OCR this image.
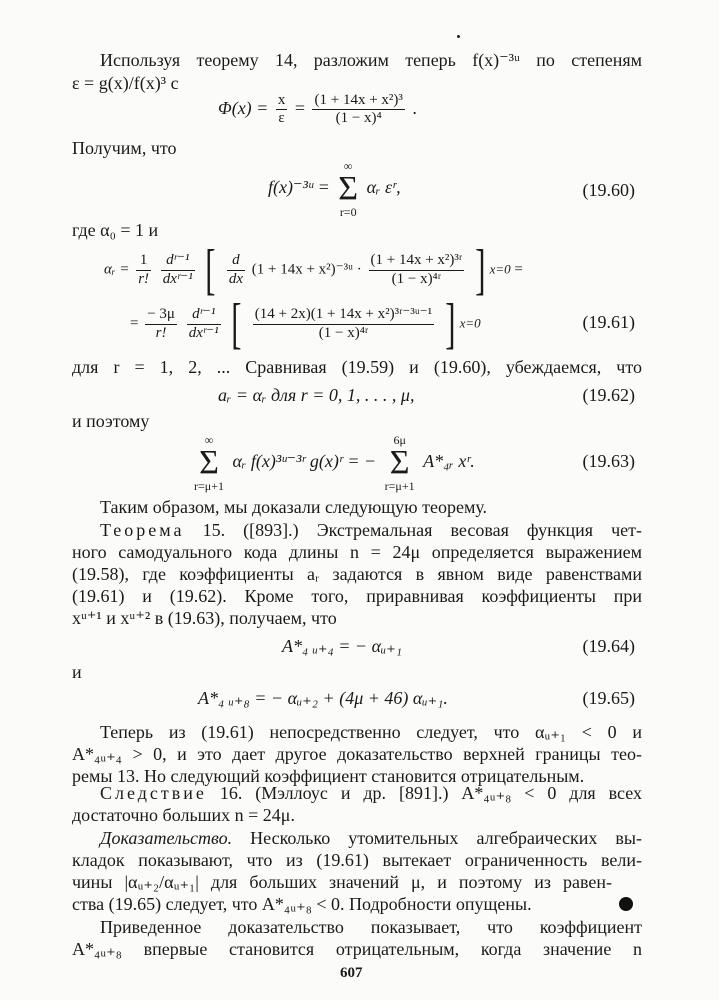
Используя теорему 14, разложим теперь f(x)⁻³ᵘ по степеням
ε = g(x)/f(x)³ с
$\Phi(x) = \frac{x}{\varepsilon} = \frac{\text{(1 + 14x + x²)³}}{\text{(1 − x)⁴}}$ .
Получим, что
f(x)⁻³ᵘ =
∞
Σ
r=0
αᵣ εʳ,	(19.60)
где α₀ = 1 и
αᵣ = $\frac{1}{r!}$
$\frac{\text{dʳ⁻¹}}{\text{dxʳ⁻¹}}$ [ $\frac{d}{dx} (1 + 14x$ + x²)⁻³ᵘ · $\frac{\text{(1 + 14x + x²)³ʳ}}{\text{(1 − x)⁴ʳ}}$ ] x=0 =
= $\frac{- 3\mu}{r!}$
$\frac{\text{dʳ⁻¹}}{\text{dxʳ⁻¹}}$ [ $\frac{\text{(14 + 2x)(1 + 14x + x²)³ʳ⁻³ᵘ⁻¹}}{\text{(1 − x)⁴ʳ}}$ ] x=0	(19.61)
для r = 1, 2, ... Сравнивая (19.59) и (19.60), убеждаемся, что
aᵣ = αᵣ для r = 0, 1, . . . , μ,	(19.62)
и поэтому
∞
Σ
r=μ+1
αᵣ f(x)³ᵘ⁻³ʳ g(x)ʳ = −
6μ
Σ
r=μ+1
A*₄ᵣ xʳ.	(19.63)
Таким образом, мы доказали следующую теорему.
Теорема 15. ([893].) Экстремальная весовая функция чет-
ного самодуального кода длины n = 24μ определяется выражением
(19.58), где коэффициенты aᵣ задаются в явном виде равенствами
(19.61) и (19.62). Кроме того, приравнивая коэффициенты при
xᵘ⁺¹ и xᵘ⁺² в (19.63), получаем, что
A*₄ ᵤ₊₄ = − αᵤ₊₁	(19.64)
и
A*₄ ᵤ₊₈ = − αᵤ₊₂ + (4μ + 46) αᵤ₊₁.	(19.65)
Теперь из (19.61) непосредственно следует, что αᵤ₊₁ < 0 и
A*₄ᵤ₊₄ > 0, и это дает другое доказательство верхней границы тео-
ремы 13. Но следующий коэффициент становится отрицательным.
Следствие 16. (Мэллоус и др. [891].) A*₄ᵤ₊₈ < 0 для всех
достаточно больших n = 24μ.
Доказательство. Несколько утомительных алгебраических вы-
кладок показывают, что из (19.61) вытекает ограниченность вели-
чины |αᵤ₊₂/αᵤ₊₁| для больших значений μ, и поэтому из равен-
ства (19.65) следует, что A*₄ᵤ₊₈ < 0. Подробности опущены.
Приведенное доказательство показывает, что коэффициент
A*₄ᵤ₊₈ впервые становится отрицательным, когда значение n
607
